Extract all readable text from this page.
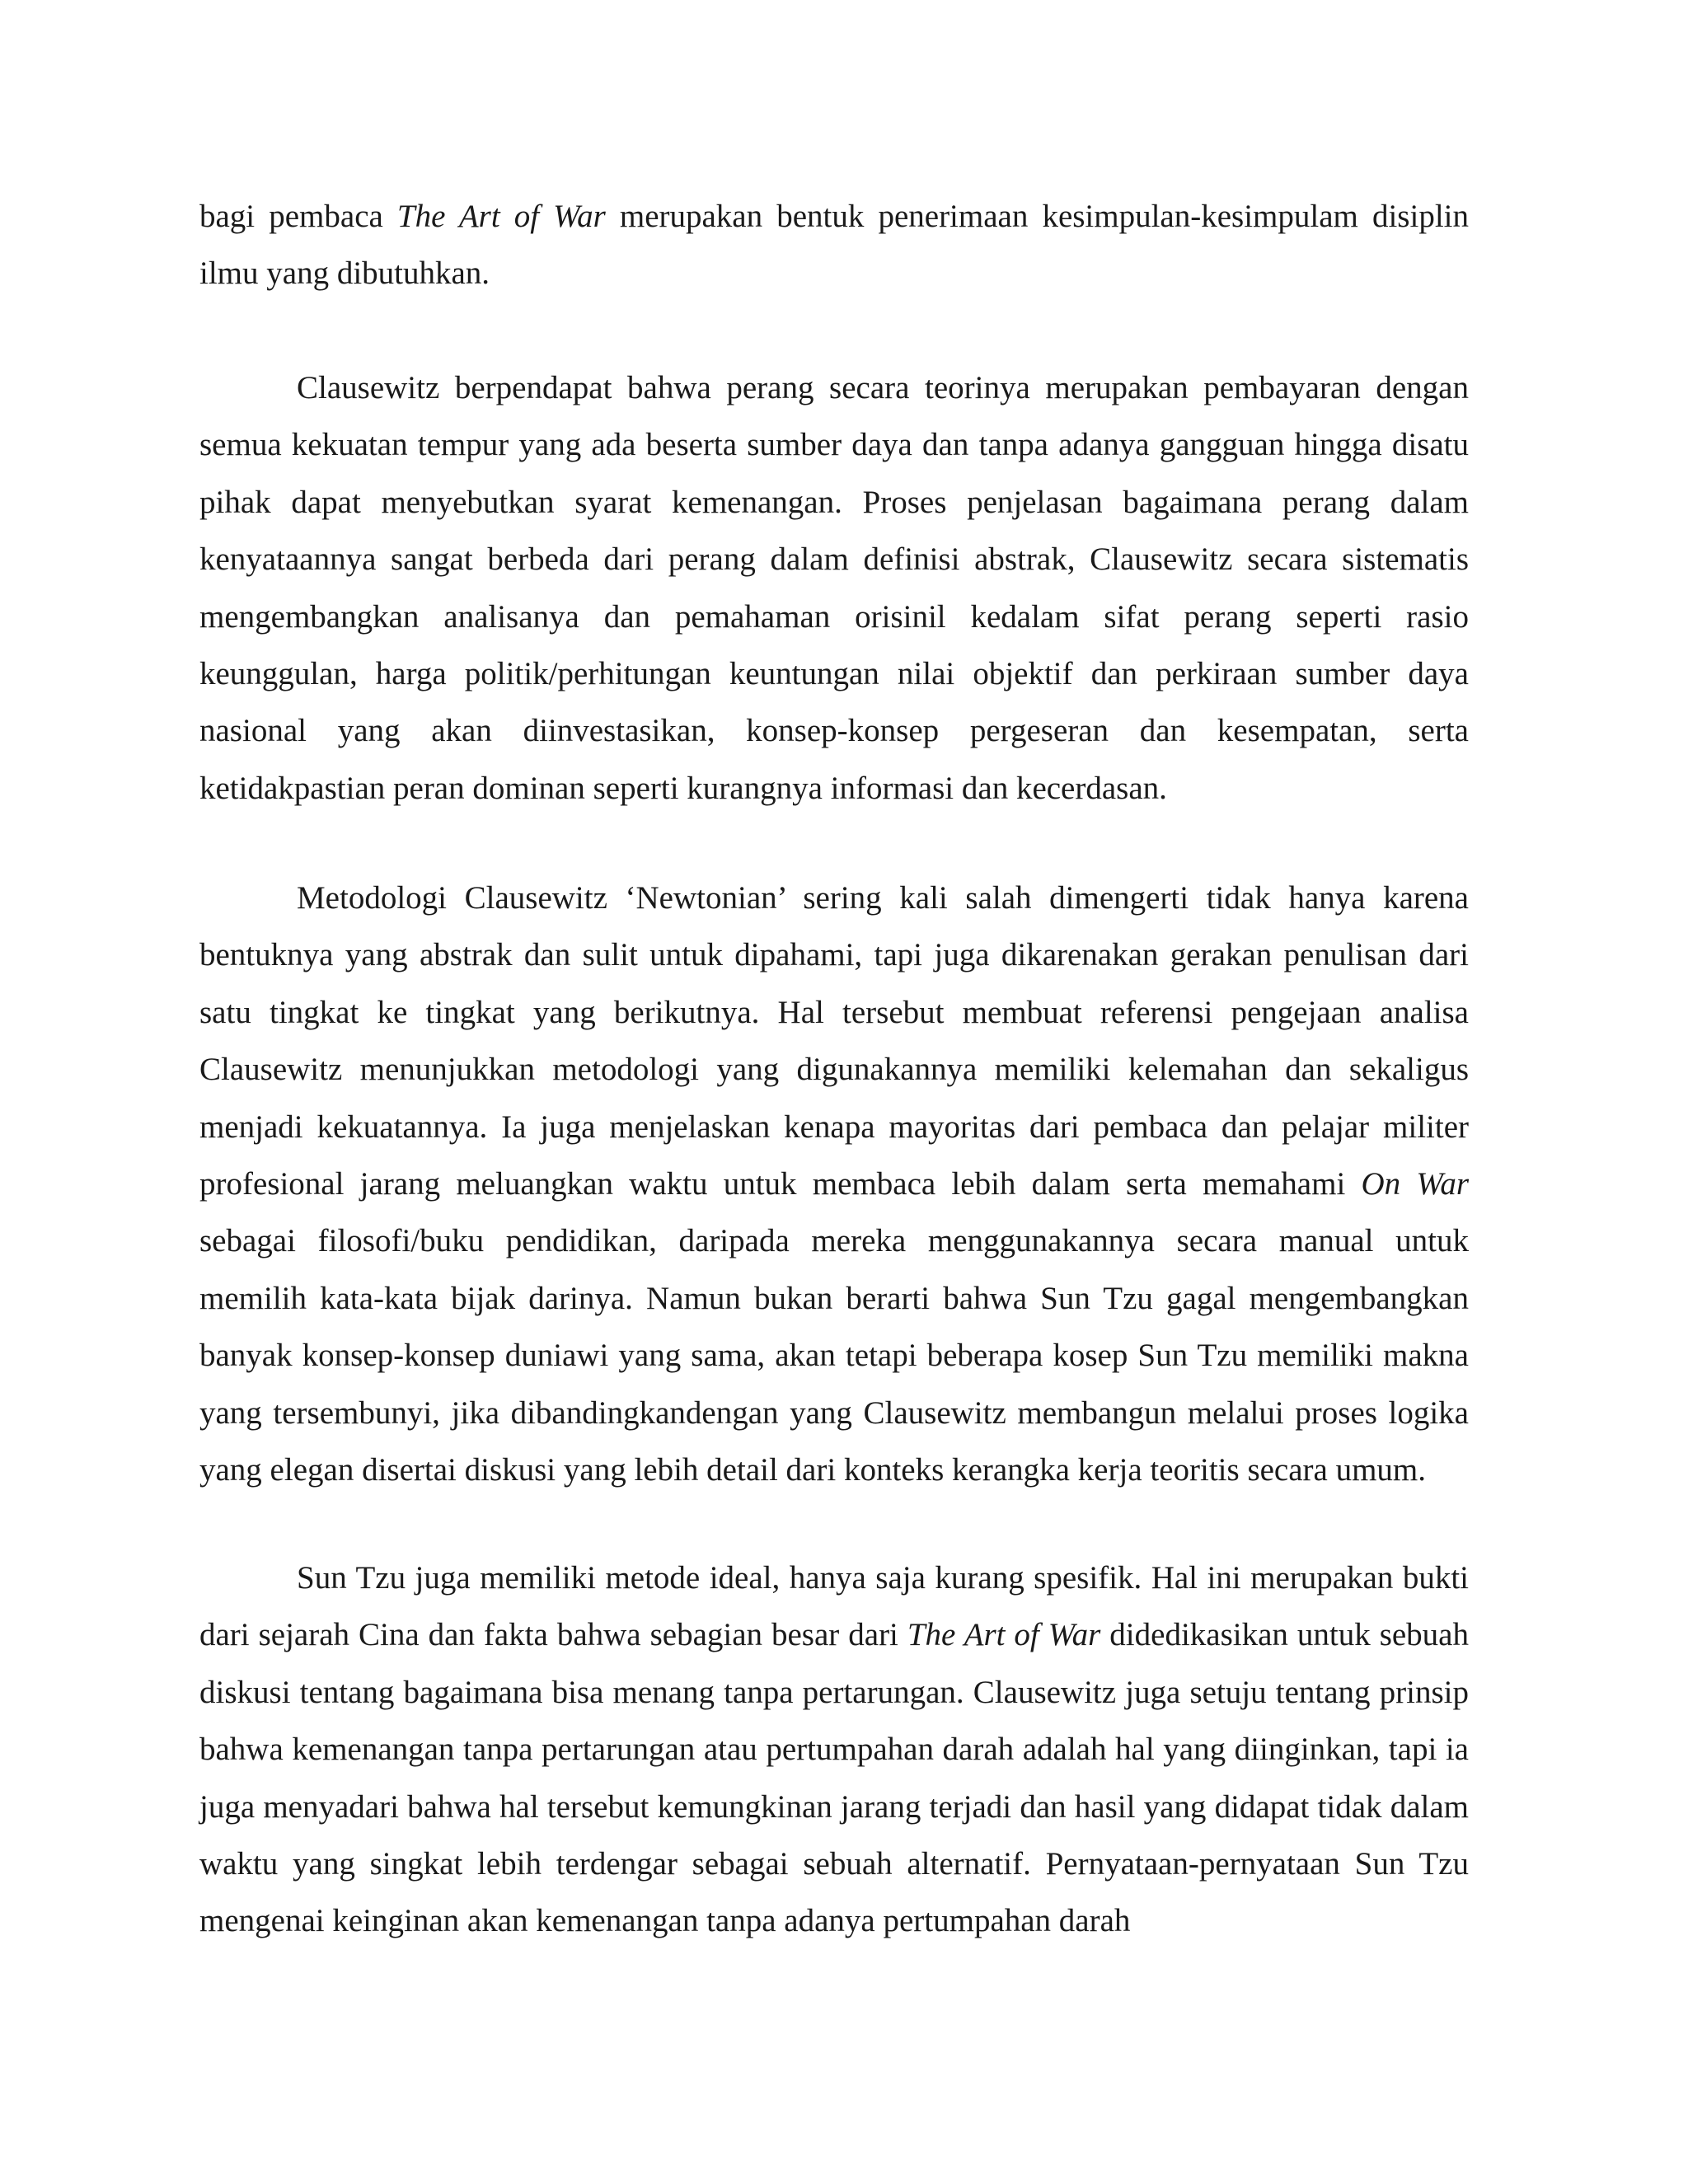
bagi pembaca The Art of War merupakan bentuk penerimaan kesimpulan-kesimpulam disiplin ilmu yang dibutuhkan.

Clausewitz berpendapat bahwa perang secara teorinya merupakan pembayaran dengan semua kekuatan tempur yang ada beserta sumber daya dan tanpa adanya gangguan hingga disatu pihak dapat menyebutkan syarat kemenangan. Proses penjelasan bagaimana perang dalam kenyataannya sangat berbeda dari perang dalam definisi abstrak, Clausewitz secara sistematis mengembangkan analisanya dan pemahaman orisinil kedalam sifat perang seperti rasio keunggulan, harga politik/perhitungan keuntungan nilai objektif dan perkiraan sumber daya nasional yang akan diinvestasikan, konsep-konsep pergeseran dan kesempatan, serta ketidakpastian peran dominan seperti kurangnya informasi dan kecerdasan.

Metodologi Clausewitz ‘Newtonian’ sering kali salah dimengerti tidak hanya karena bentuknya yang abstrak dan sulit untuk dipahami, tapi juga dikarenakan gerakan penulisan dari satu tingkat ke tingkat yang berikutnya. Hal tersebut membuat referensi pengejaan analisa Clausewitz menunjukkan metodologi yang digunakannya memiliki kelemahan dan sekaligus menjadi kekuatannya. Ia juga menjelaskan kenapa mayoritas dari pembaca dan pelajar militer profesional jarang meluangkan waktu untuk membaca lebih dalam serta memahami On War sebagai filosofi/buku pendidikan, daripada mereka menggunakannya secara manual untuk memilih kata-kata bijak darinya. Namun bukan berarti bahwa Sun Tzu gagal mengembangkan banyak konsep-konsep duniawi yang sama, akan tetapi beberapa kosep Sun Tzu memiliki makna yang tersembunyi, jika dibandingkandengan yang Clausewitz membangun melalui proses logika yang elegan disertai diskusi yang lebih detail dari konteks kerangka kerja teoritis secara umum.

Sun Tzu juga memiliki metode ideal, hanya saja kurang spesifik. Hal ini merupakan bukti dari sejarah Cina dan fakta bahwa sebagian besar dari The Art of War didedikasikan untuk sebuah diskusi tentang bagaimana bisa menang tanpa pertarungan. Clausewitz juga setuju tentang prinsip bahwa kemenangan tanpa pertarungan atau pertumpahan darah adalah hal yang diinginkan, tapi ia juga menyadari bahwa hal tersebut kemungkinan jarang terjadi dan hasil yang didapat tidak dalam waktu yang singkat lebih terdengar sebagai sebuah alternatif. Pernyataan-pernyataan Sun Tzu mengenai keinginan akan kemenangan tanpa adanya pertumpahan darah
